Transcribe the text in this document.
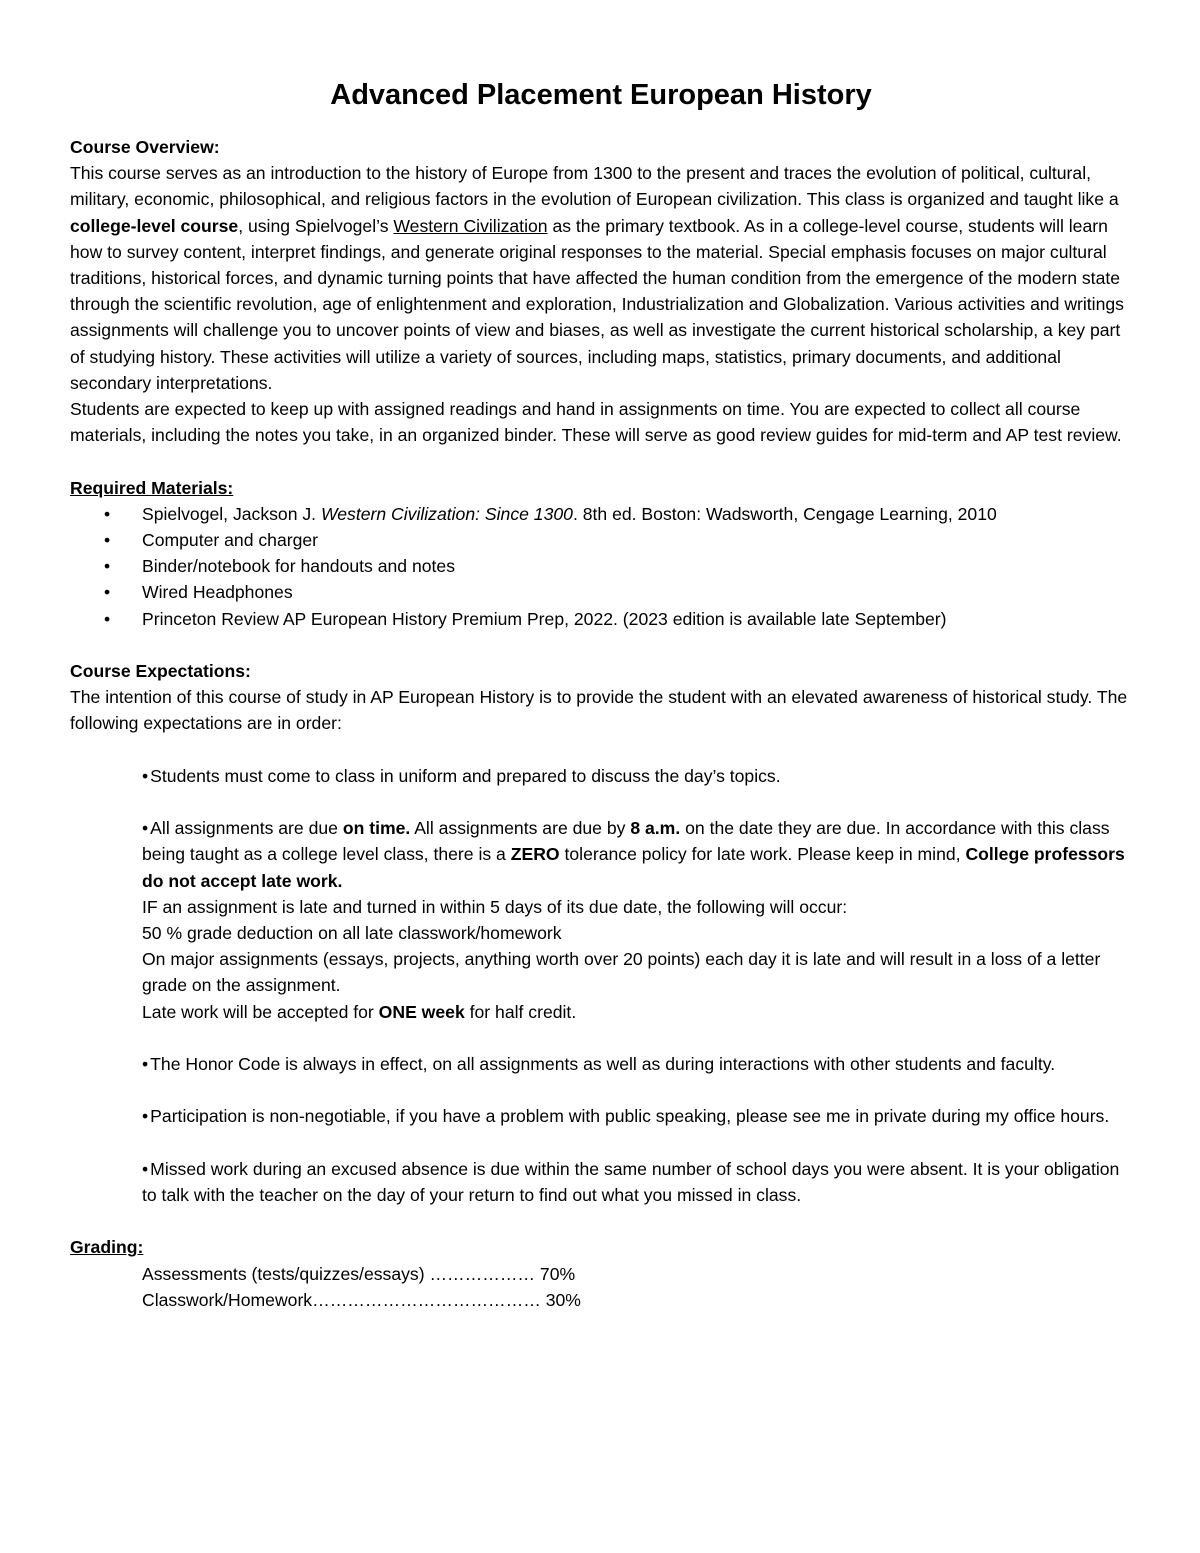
Advanced Placement European History

Course Overview:

This course serves as an introduction to the history of Europe from 1300 to the present and traces the evolution of political, cultural, military, economic, philosophical, and religious factors in the evolution of European civilization. This class is organized and taught like a college-level course, using Spielvogel’s Western Civilization as the primary textbook. As in a college-level course, students will learn how to survey content, interpret findings, and generate original responses to the material. Special emphasis focuses on major cultural traditions, historical forces, and dynamic turning points that have affected the human condition from the emergence of the modern state through the scientific revolution, age of enlightenment and exploration, Industrialization and Globalization. Various activities and writings assignments will challenge you to uncover points of view and biases, as well as investigate the current historical scholarship, a key part of studying history. These activities will utilize a variety of sources, including maps, statistics, primary documents, and additional secondary interpretations.

Students are expected to keep up with assigned readings and hand in assignments on time. You are expected to collect all course materials, including the notes you take, in an organized binder. These will serve as good review guides for mid-term and AP test review.

Required Materials:

• Spielvogel, Jackson J. Western Civilization: Since 1300. 8th ed. Boston: Wadsworth, Cengage Learning, 2010
• Computer and charger
• Binder/notebook for handouts and notes
• Wired Headphones
• Princeton Review AP European History Premium Prep, 2022. (2023 edition is available late September)

Course Expectations:

The intention of this course of study in AP European History is to provide the student with an elevated awareness of historical study. The following expectations are in order:

• Students must come to class in uniform and prepared to discuss the day’s topics.

• All assignments are due on time. All assignments are due by 8 a.m. on the date they are due. In accordance with this class being taught as a college level class, there is a ZERO tolerance policy for late work. Please keep in mind, College professors do not accept late work.

IF an assignment is late and turned in within 5 days of its due date, the following will occur:

50 % grade deduction on all late classwork/homework

On major assignments (essays, projects, anything worth over 20 points) each day it is late and will result in a loss of a letter grade on the assignment.

Late work will be accepted for ONE week for half credit.

• The Honor Code is always in effect, on all assignments as well as during interactions with other students and faculty.

• Participation is non-negotiable, if you have a problem with public speaking, please see me in private during my office hours.

• Missed work during an excused absence is due within the same number of school days you were absent. It is your obligation to talk with the teacher on the day of your return to find out what you missed in class.

Grading:

Assessments (tests/quizzes/essays) ……………… 70%

Classwork/Homework………………………………… 30%
